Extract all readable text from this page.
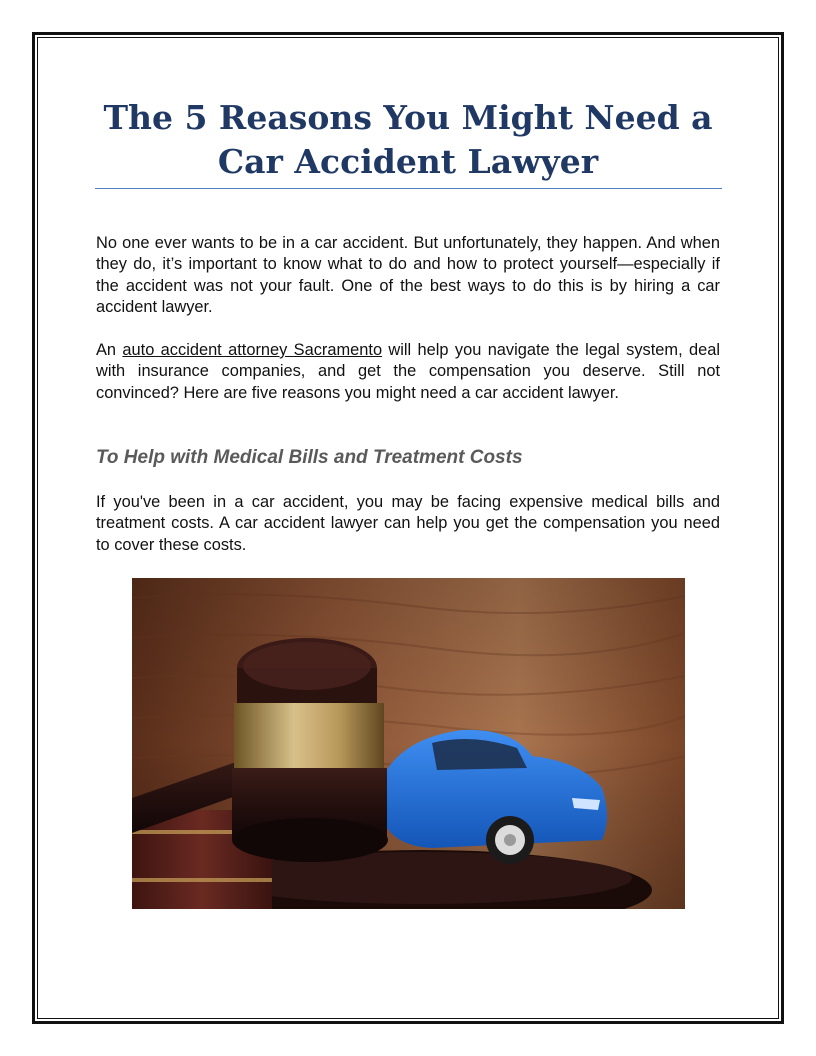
The 5 Reasons You Might Need a Car Accident Lawyer

No one ever wants to be in a car accident. But unfortunately, they happen. And when they do, it’s important to know what to do and how to protect yourself—especially if the accident was not your fault. One of the best ways to do this is by hiring a car accident lawyer.

An auto accident attorney Sacramento will help you navigate the legal system, deal with insurance companies, and get the compensation you deserve. Still not convinced? Here are five reasons you might need a car accident lawyer.

To Help with Medical Bills and Treatment Costs

If you've been in a car accident, you may be facing expensive medical bills and treatment costs. A car accident lawyer can help you get the compensation you need to cover these costs.
